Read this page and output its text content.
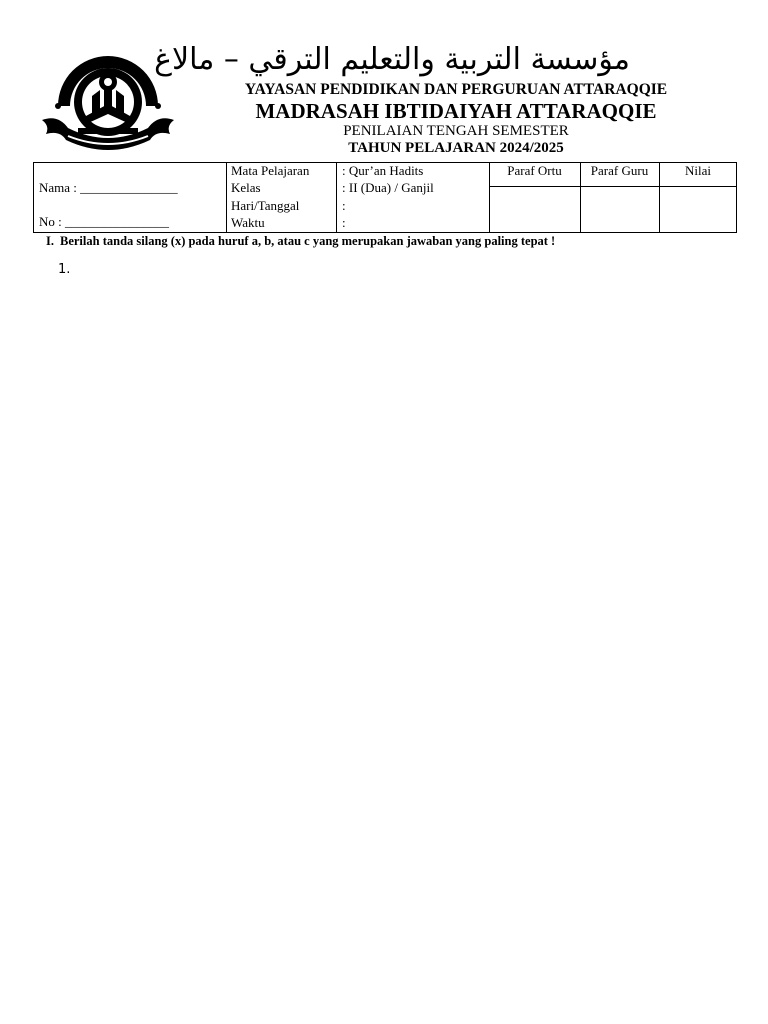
مؤسسة التربية والتعليم الترقي – مالاغ
YAYASAN PENDIDIKAN DAN PERGURUAN ATTARAQQIE
MADRASAH IBTIDAIYAH ATTARAQQIE
PENILAIAN TENGAH SEMESTER
TAHUN PELAJARAN 2024/2025
Nama : _______________
No : ________________
Mata Pelajaran
Kelas
Hari/Tanggal
Waktu
: Qur’an Hadits
: II (Dua) / Ganjil
:
:
Paraf Ortu	Paraf Guru	Nilai
I. Berilah tanda silang (x) pada huruf a, b, atau c yang merupakan jawaban yang paling tepat !
1.
